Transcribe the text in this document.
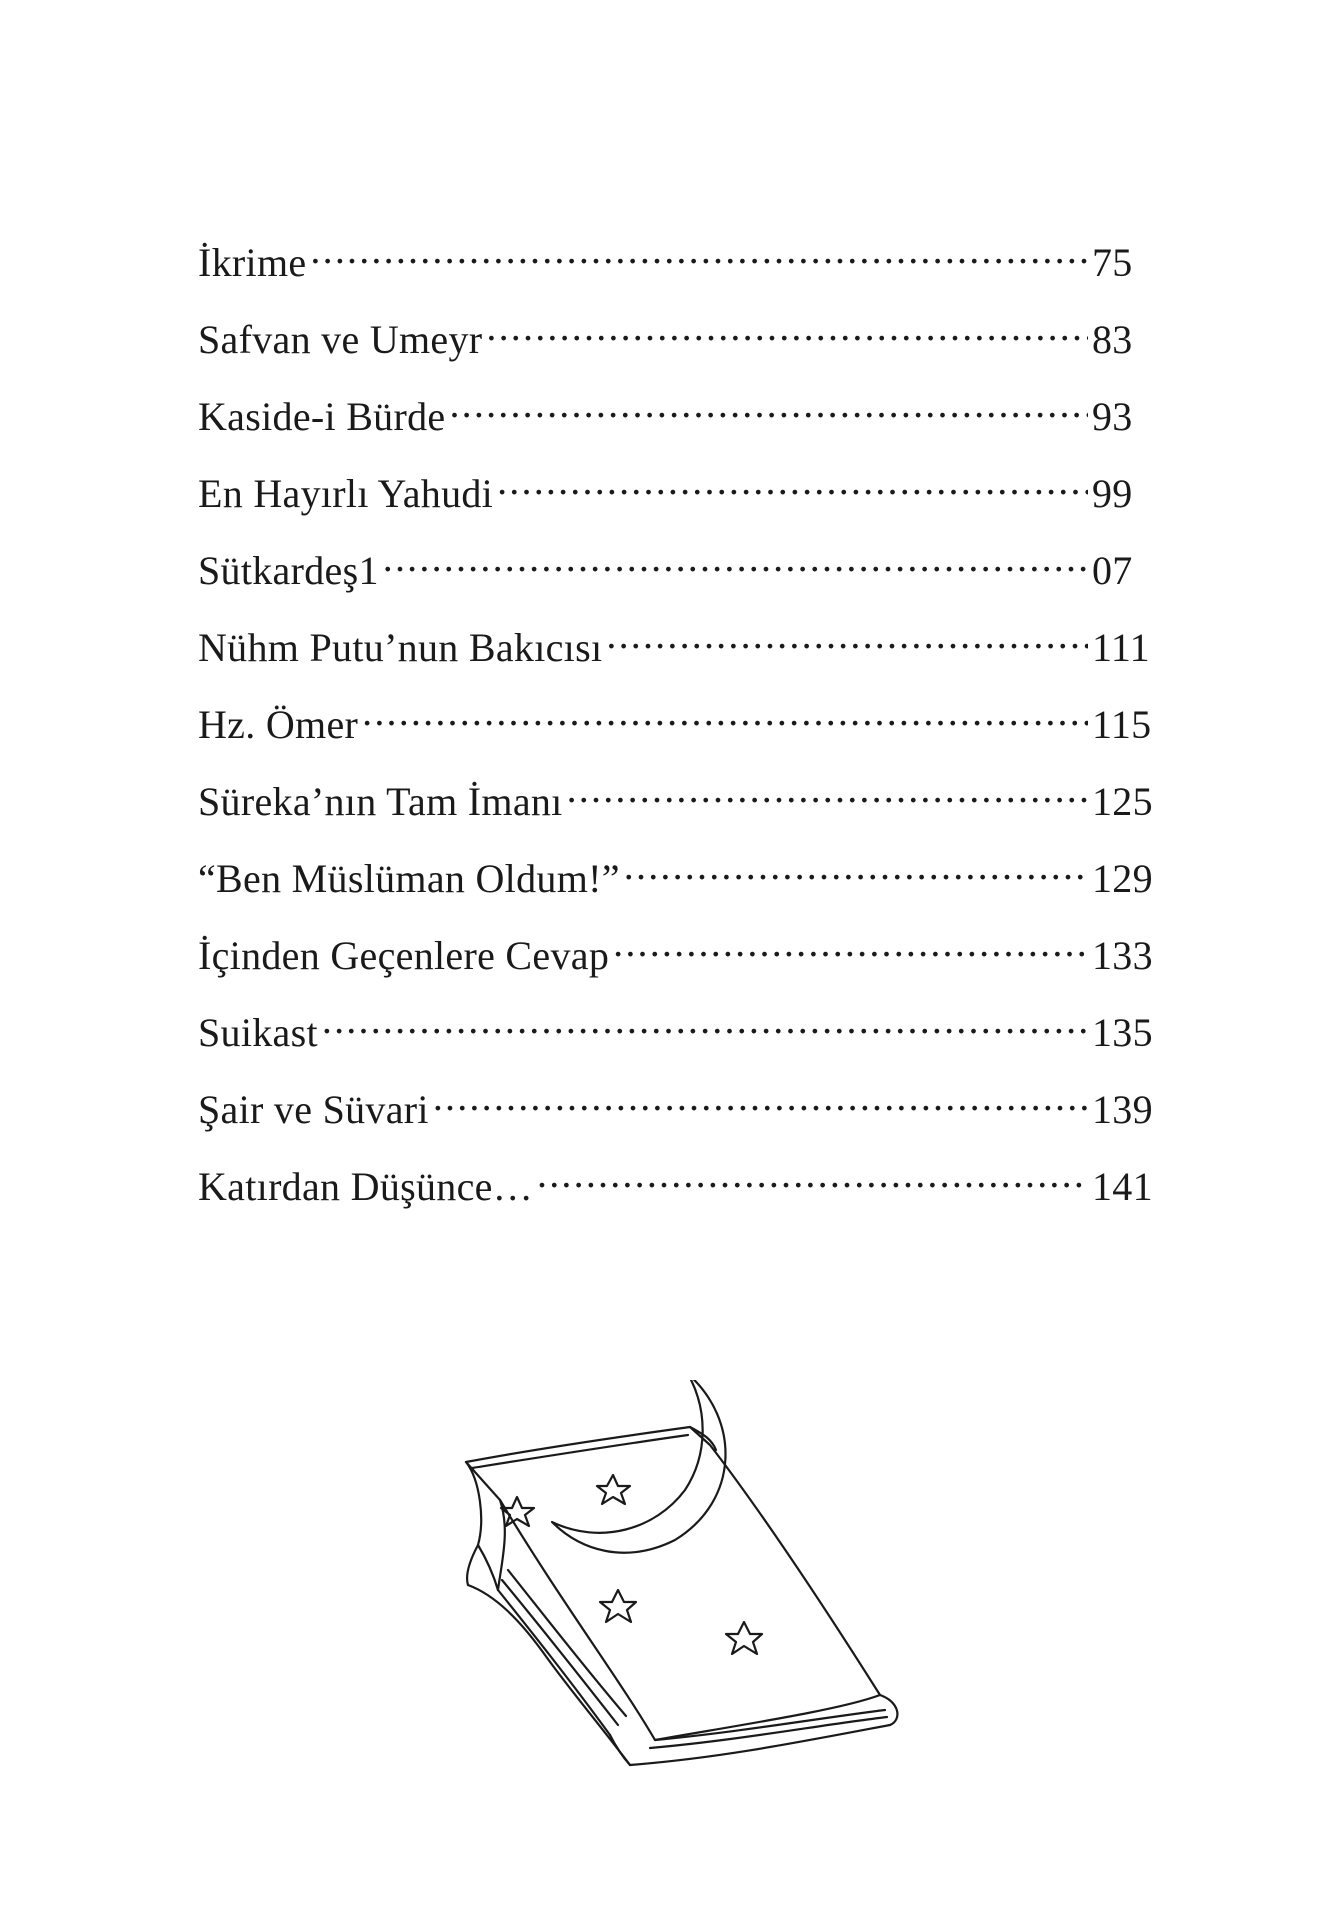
İkrime .....	75
Safvan ve Umeyr .....	83
Kaside-i Bürde .....	93
En Hayırlı Yahudi .....	99
Sütkardeş1 .....	07
Nühm Putu’nun Bakıcısı .....	111
Hz. Ömer .....	115
Süreka’nın Tam İmanı .....	125
“Ben Müslüman Oldum!” .....	129
İçinden Geçenlere Cevap .....	133
Suikast .....	135
Şair ve Süvari .....	139
Katırdan Düşünce… .....	141
